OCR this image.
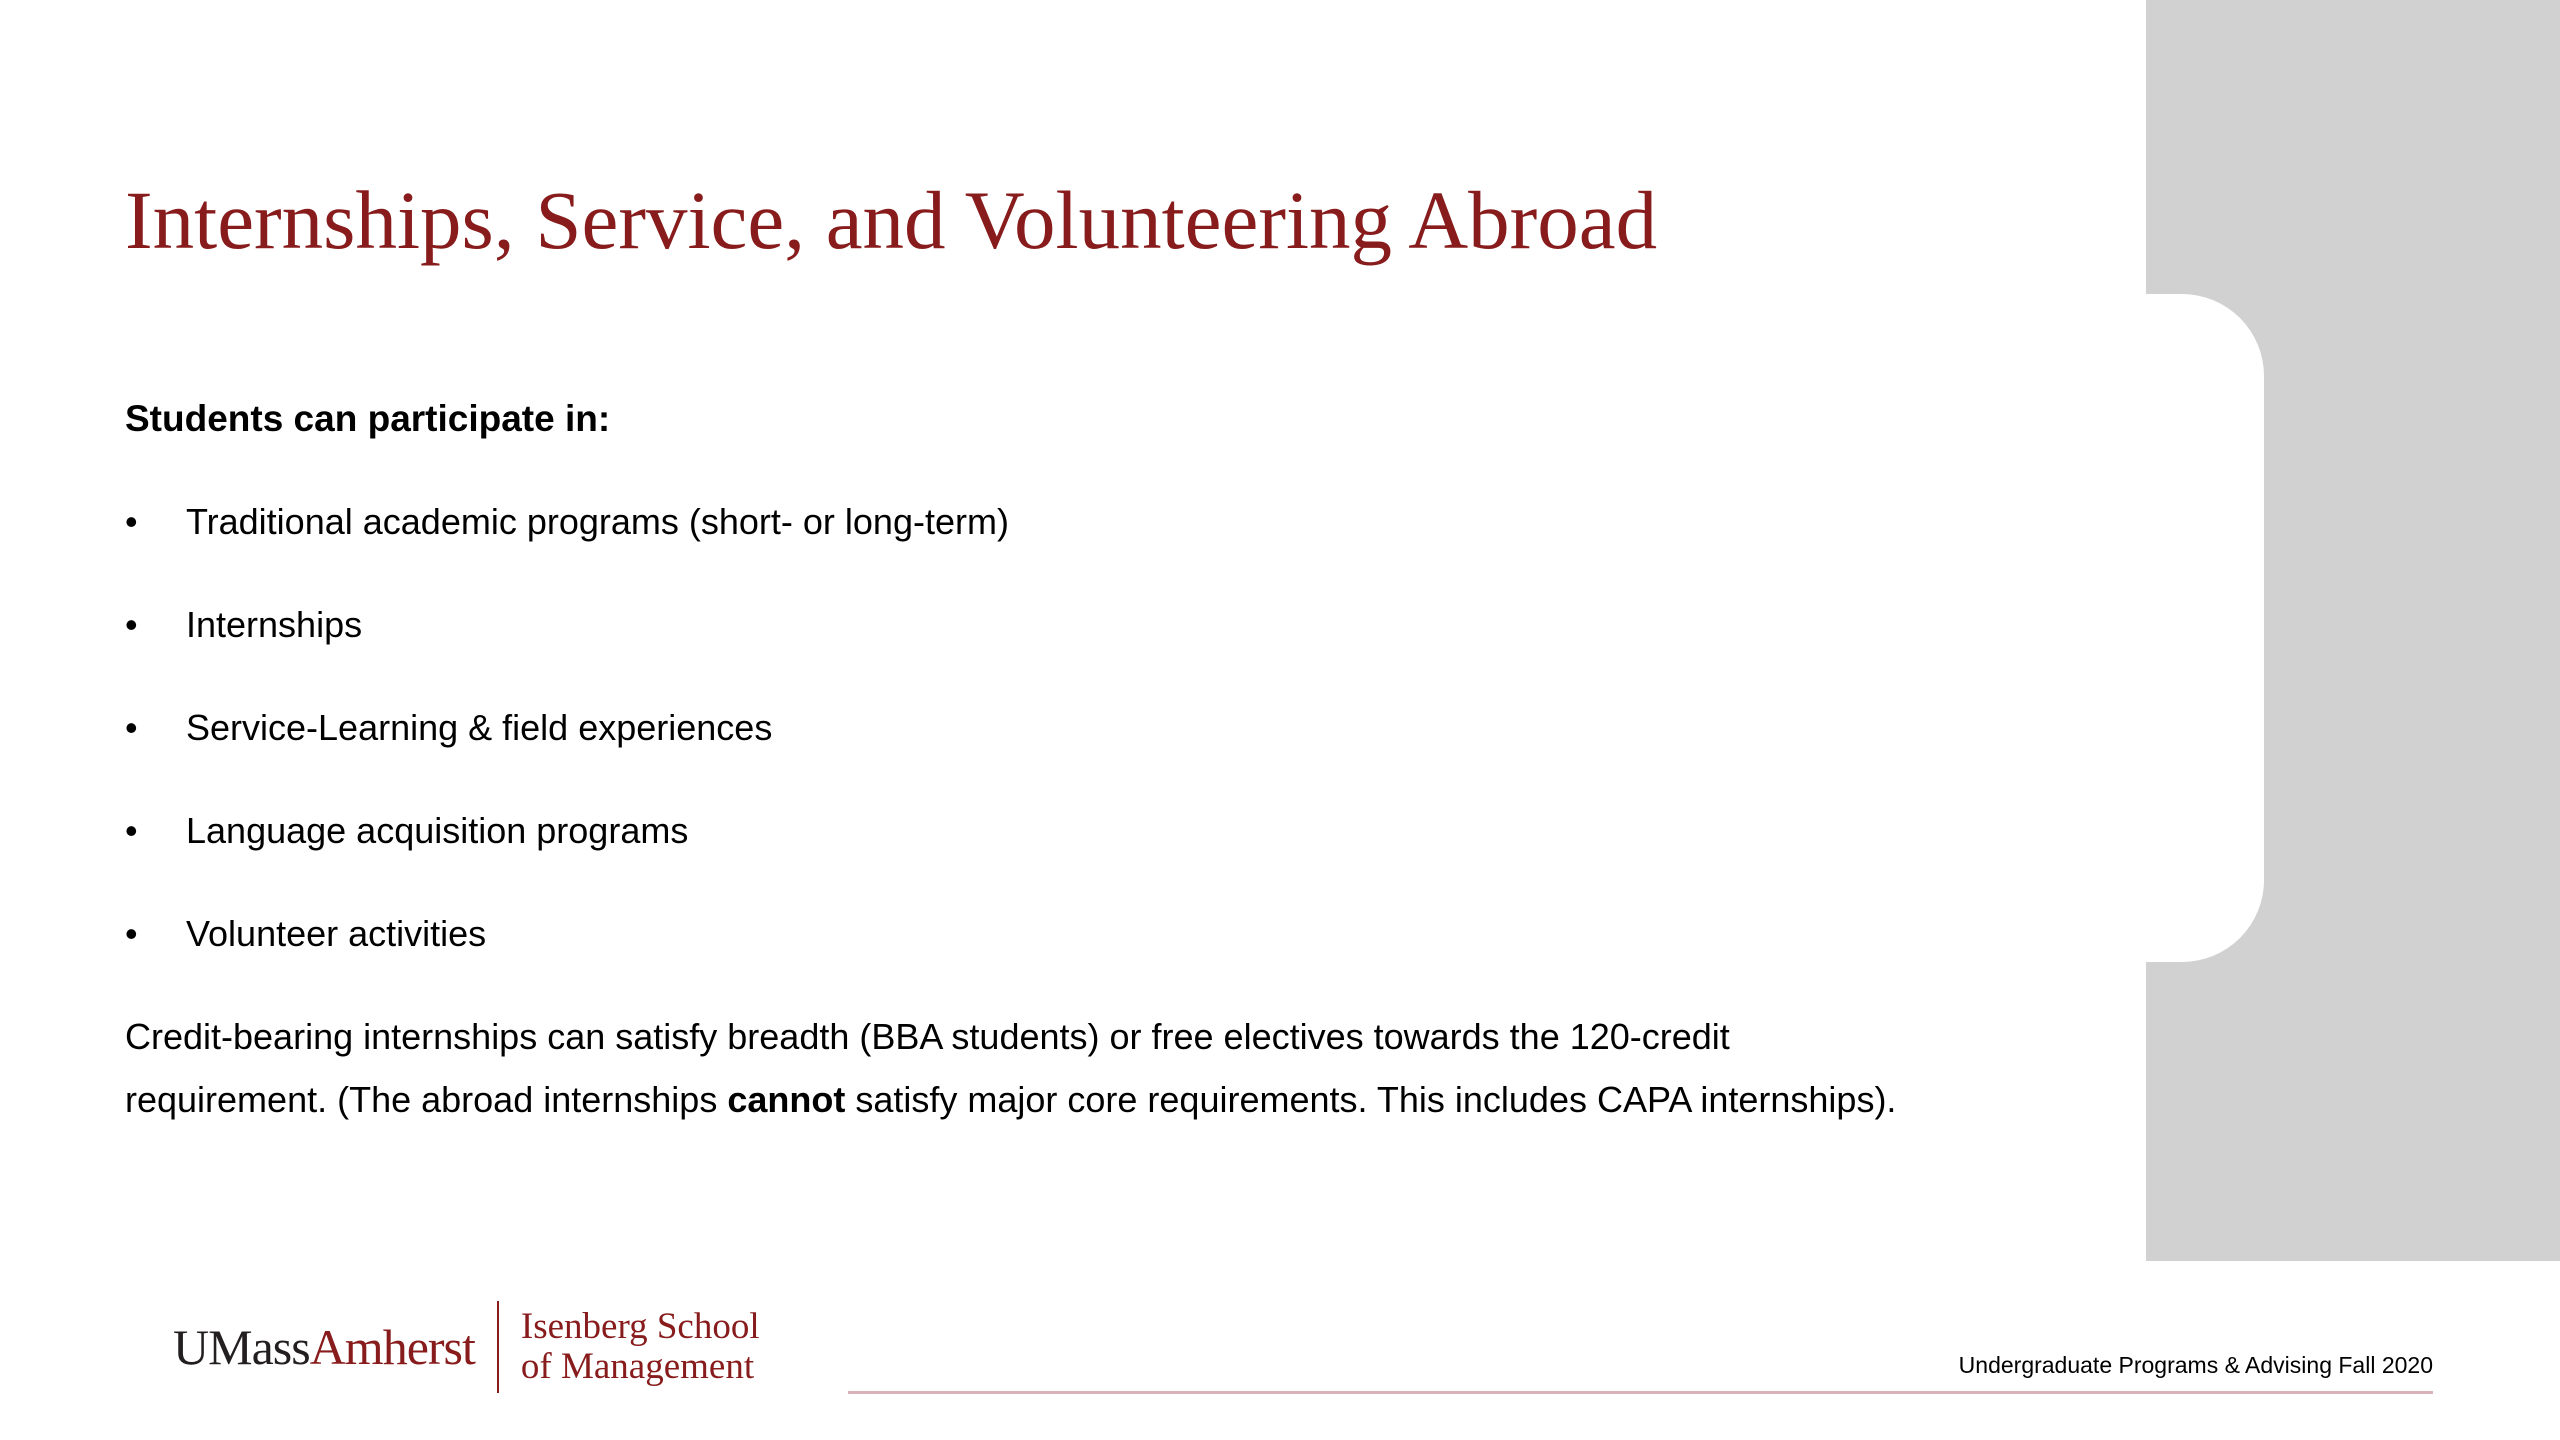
Internships, Service, and Volunteering Abroad
Students can participate in:
• Traditional academic programs (short- or long-term)
• Internships
• Service-Learning & field experiences
• Language acquisition programs
• Volunteer activities

Credit-bearing internships can satisfy breadth (BBA students) or free electives towards the 120-credit requirement. (The abroad internships cannot satisfy major core requirements. This includes CAPA internships).

UMassAmherst Isenberg School
of Management	Undergraduate Programs & Advising Fall 2020
